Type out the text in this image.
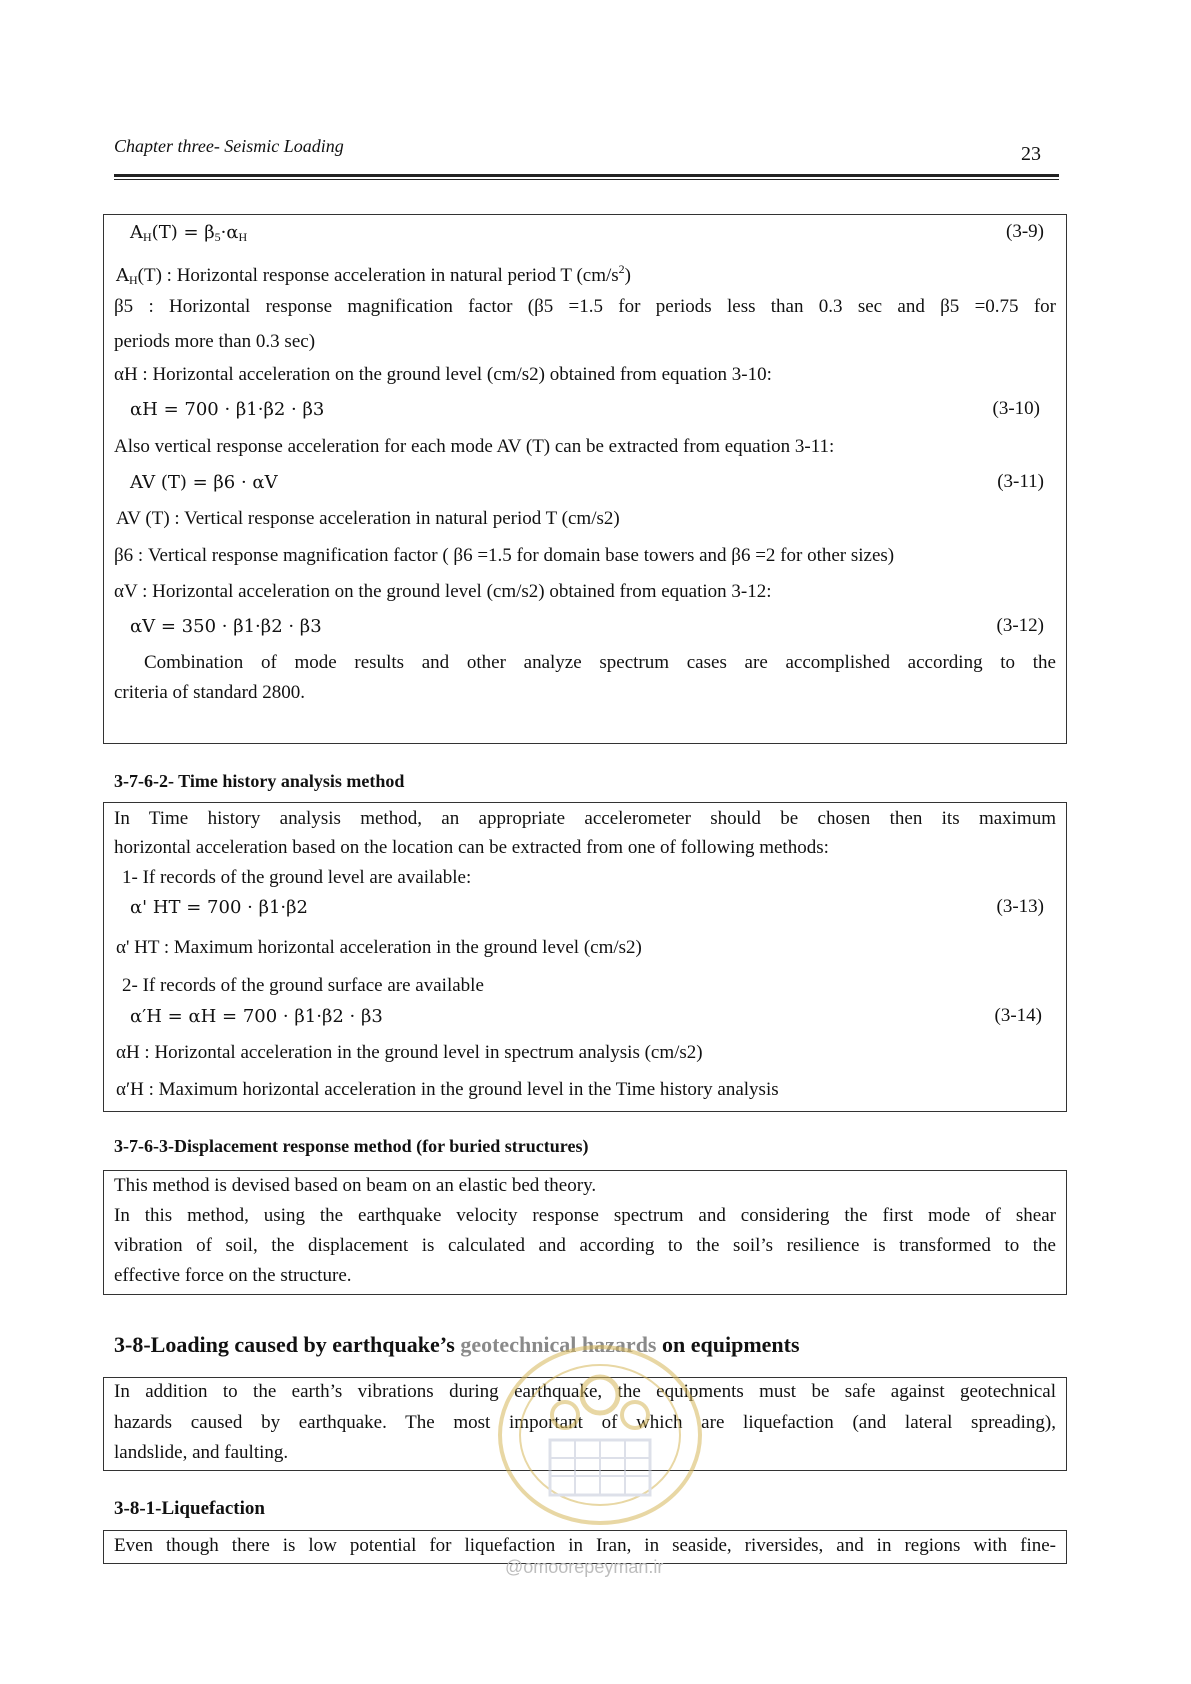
Chapter three- Seismic Loading	23
$A_H(T) = \beta_5\cdot\alpha_H$	(3-9)
$A_H(T)$ : Horizontal response acceleration in natural period T $(cm/s^2)$
β5 : Horizontal response magnification factor (β5 =1.5 for periods less than 0.3 sec and β5 =0.75 for
periods more than 0.3 sec)
αH : Horizontal acceleration on the ground level (cm/s2) obtained from equation 3-10:
αH = 700 · β1·β2 · β3	(3-10)
Also vertical response acceleration for each mode AV (T) can be extracted from equation 3-11:
AV (T) = β6 · αV	(3-11)
AV (T) : Vertical response acceleration in natural period T (cm/s2)
β6 : Vertical response magnification factor ( β6 =1.5 for domain base towers and β6 =2 for other sizes)
αV : Horizontal acceleration on the ground level (cm/s2) obtained from equation 3-12:
αV = 350 · β1·β2 · β3	(3-12)
Combination of mode results and other analyze spectrum cases are accomplished according to the
criteria of standard 2800.
3-7-6-2- Time history analysis method
In Time history analysis method, an appropriate accelerometer should be chosen then its maximum
horizontal acceleration based on the location can be extracted from one of following methods:
1- If records of the ground level are available:
α' HT = 700 · β1·β2	(3-13)
α' HT : Maximum horizontal acceleration in the ground level (cm/s2)
2- If records of the ground surface are available
α′H = αH = 700 · β1·β2 · β3	(3-14)
αH : Horizontal acceleration in the ground level in spectrum analysis (cm/s2)
α′H : Maximum horizontal acceleration in the ground level in the Time history analysis
3-7-6-3-Displacement response method (for buried structures)
This method is devised based on beam on an elastic bed theory.
In this method, using the earthquake velocity response spectrum and considering the first mode of shear
vibration of soil, the displacement is calculated and according to the soil’s resilience is transformed to the
effective force on the structure.
3-8-Loading caused by earthquake’s geotechnical hazards on equipments
In addition to the earth’s vibrations during earthquake, the equipments must be safe against geotechnical
hazards caused by earthquake. The most important of which are liquefaction (and lateral spreading),
landslide, and faulting.
3-8-1-Liquefaction
Even though there is low potential for liquefaction in Iran, in seaside, riversides, and in regions with fine-
@omoorepeyman.ir
